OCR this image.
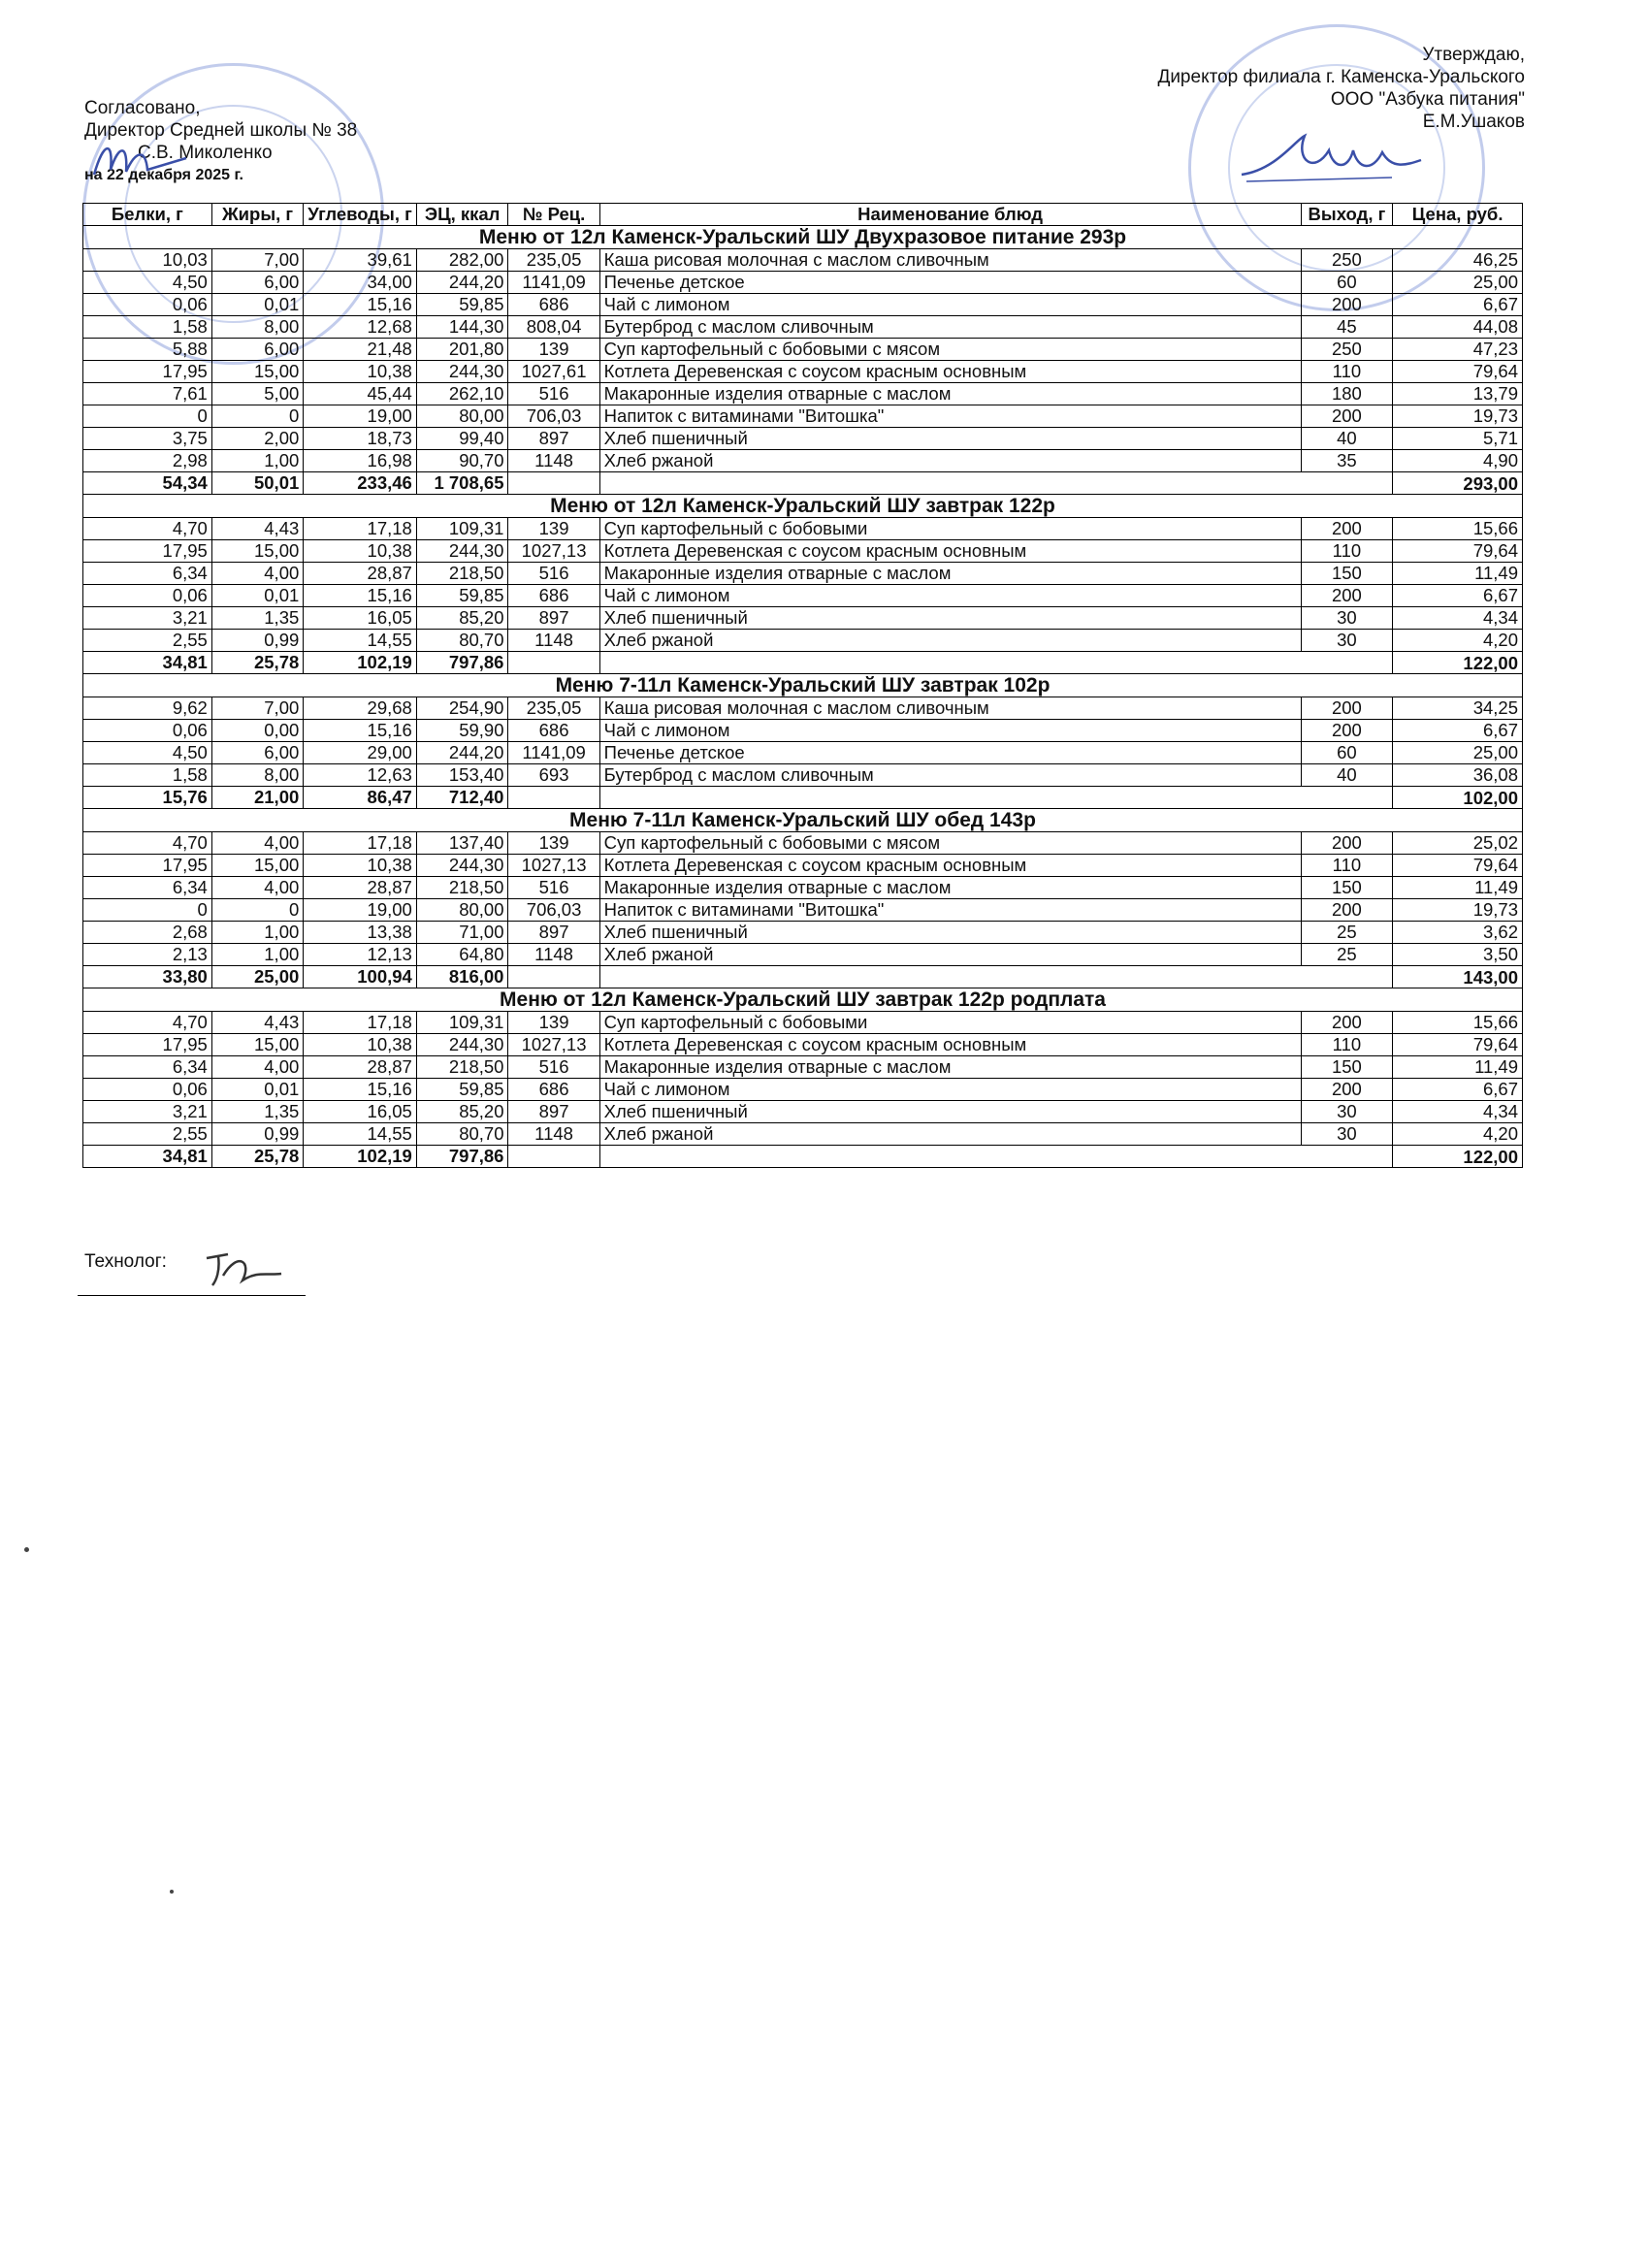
Согласовано,
Директор Средней школы № 38
С.В. Миколенко
на 22 декабря 2025 г.
Утверждаю,
Директор филиала г. Каменска-Уральского
ООО "Азбука питания"
Е.М.Ушаков
Белки, г	Жиры, г	Углеводы, г	ЭЦ, ккал	№ Рец.	Наименование блюд	Выход, г	Цена, руб.
Меню от 12л Каменск-Уральский ШУ Двухразовое питание 293р							
10,03	7,00	39,61	282,00	235,05	Каша рисовая молочная с маслом сливочным	250	46,25
4,50	6,00	34,00	244,20	1141,09	Печенье детское	60	25,00
0,06	0,01	15,16	59,85	686	Чай с лимоном	200	6,67
1,58	8,00	12,68	144,30	808,04	Бутерброд с маслом сливочным	45	44,08
5,88	6,00	21,48	201,80	139	Суп картофельный с бобовыми с мясом	250	47,23
17,95	15,00	10,38	244,30	1027,61	Котлета Деревенская с соусом красным основным	110	79,64
7,61	5,00	45,44	262,10	516	Макаронные изделия отварные с маслом	180	13,79
0	0	19,00	80,00	706,03	Напиток с витаминами "Витошка"	200	19,73
3,75	2,00	18,73	99,40	897	Хлеб пшеничный	40	5,71
2,98	1,00	16,98	90,70	1148	Хлеб ржаной	35	4,90
54,34	50,01	233,46	1 708,65				293,00
Меню от 12л Каменск-Уральский ШУ завтрак 122р							
4,70	4,43	17,18	109,31	139	Суп картофельный с бобовыми	200	15,66
17,95	15,00	10,38	244,30	1027,13	Котлета Деревенская с соусом красным основным	110	79,64
6,34	4,00	28,87	218,50	516	Макаронные изделия отварные с маслом	150	11,49
0,06	0,01	15,16	59,85	686	Чай с лимоном	200	6,67
3,21	1,35	16,05	85,20	897	Хлеб пшеничный	30	4,34
2,55	0,99	14,55	80,70	1148	Хлеб ржаной	30	4,20
34,81	25,78	102,19	797,86				122,00
Меню 7-11л Каменск-Уральский ШУ завтрак 102р							
9,62	7,00	29,68	254,90	235,05	Каша рисовая молочная с маслом сливочным	200	34,25
0,06	0,00	15,16	59,90	686	Чай с лимоном	200	6,67
4,50	6,00	29,00	244,20	1141,09	Печенье детское	60	25,00
1,58	8,00	12,63	153,40	693	Бутерброд с маслом сливочным	40	36,08
15,76	21,00	86,47	712,40				102,00
Меню 7-11л Каменск-Уральский ШУ обед 143р							
4,70	4,00	17,18	137,40	139	Суп картофельный с бобовыми с мясом	200	25,02
17,95	15,00	10,38	244,30	1027,13	Котлета Деревенская с соусом красным основным	110	79,64
6,34	4,00	28,87	218,50	516	Макаронные изделия отварные с маслом	150	11,49
0	0	19,00	80,00	706,03	Напиток с витаминами "Витошка"	200	19,73
2,68	1,00	13,38	71,00	897	Хлеб пшеничный	25	3,62
2,13	1,00	12,13	64,80	1148	Хлеб ржаной	25	3,50
33,80	25,00	100,94	816,00				143,00
Меню от 12л Каменск-Уральский ШУ завтрак 122р родплата							
4,70	4,43	17,18	109,31	139	Суп картофельный с бобовыми	200	15,66
17,95	15,00	10,38	244,30	1027,13	Котлета Деревенская с соусом красным основным	110	79,64
6,34	4,00	28,87	218,50	516	Макаронные изделия отварные с маслом	150	11,49
0,06	0,01	15,16	59,85	686	Чай с лимоном	200	6,67
3,21	1,35	16,05	85,20	897	Хлеб пшеничный	30	4,34
2,55	0,99	14,55	80,70	1148	Хлеб ржаной	30	4,20
34,81	25,78	102,19	797,86				122,00
Технолог:
